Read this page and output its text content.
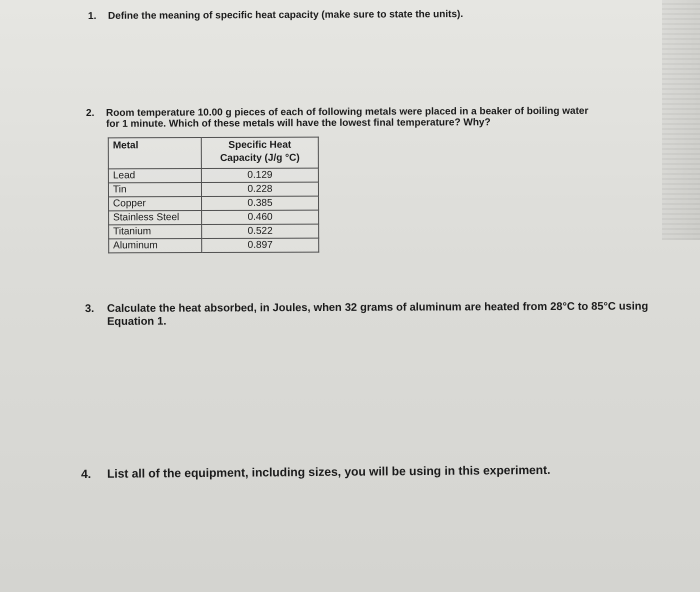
1. Define the meaning of specific heat capacity (make sure to state the units).
2. Room temperature 10.00 g pieces of each of following metals were placed in a beaker of boiling water
for 1 minute. Which of these metals will have the lowest final temperature? Why?
Metal	Specific Heat
Capacity (J/g °C)

Lead	0.129
Tin	0.228
Copper	0.385
Stainless Steel	0.460
Titanium	0.522
Aluminum	0.897
3. Calculate the heat absorbed, in Joules, when 32 grams of aluminum are heated from 28°C to 85°C using
Equation 1.
4. List all of the equipment, including sizes, you will be using in this experiment.
